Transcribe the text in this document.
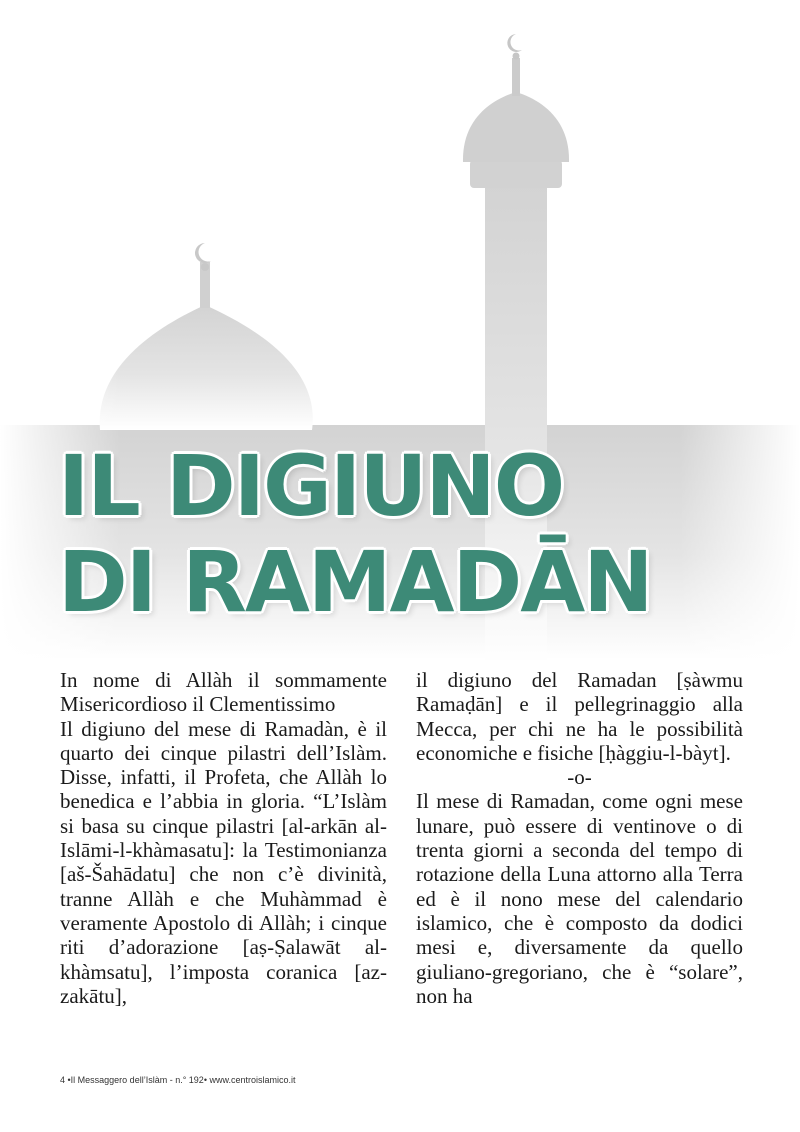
IL DIGIUNO
DI RAMADĀN

In nome di Allàh il sommamente Misericordioso il Clementissimo

Il digiuno del mese di Ramadàn, è il quarto dei cinque pilastri dell’Islàm. Disse, infatti, il Profeta, che Allàh lo benedica e l’abbia in gloria. “L’Islàm si basa su cinque pilastri [al-arkān al-Islāmi-l-khàmasatu]: la Testimonianza [aš-Šahādatu] che non c’è divinità, tranne Allàh e che Muhàmmad è veramente Apostolo di Allàh; i cinque riti d’adorazione [aṣ-Ṣalawāt al-khàmsatu], l’imposta coranica [az-zakātu],

il digiuno del Ramadan [ṣàwmu Ramaḍān] e il pellegrinaggio alla Mecca, per chi ne ha le possibilità economiche e fisiche [ḥàggiu-l-bàyt].

-o-

Il mese di Ramadan, come ogni mese lunare, può essere di ventinove o di trenta giorni a seconda del tempo di rotazione della Luna attorno alla Terra ed è il nono mese del calendario islamico, che è composto da dodici mesi e, diversamente da quello giuliano-gregoriano, che è “solare”, non ha

4 •Il Messaggero dell’Islàm - n.° 192• www.centroislamico.it
